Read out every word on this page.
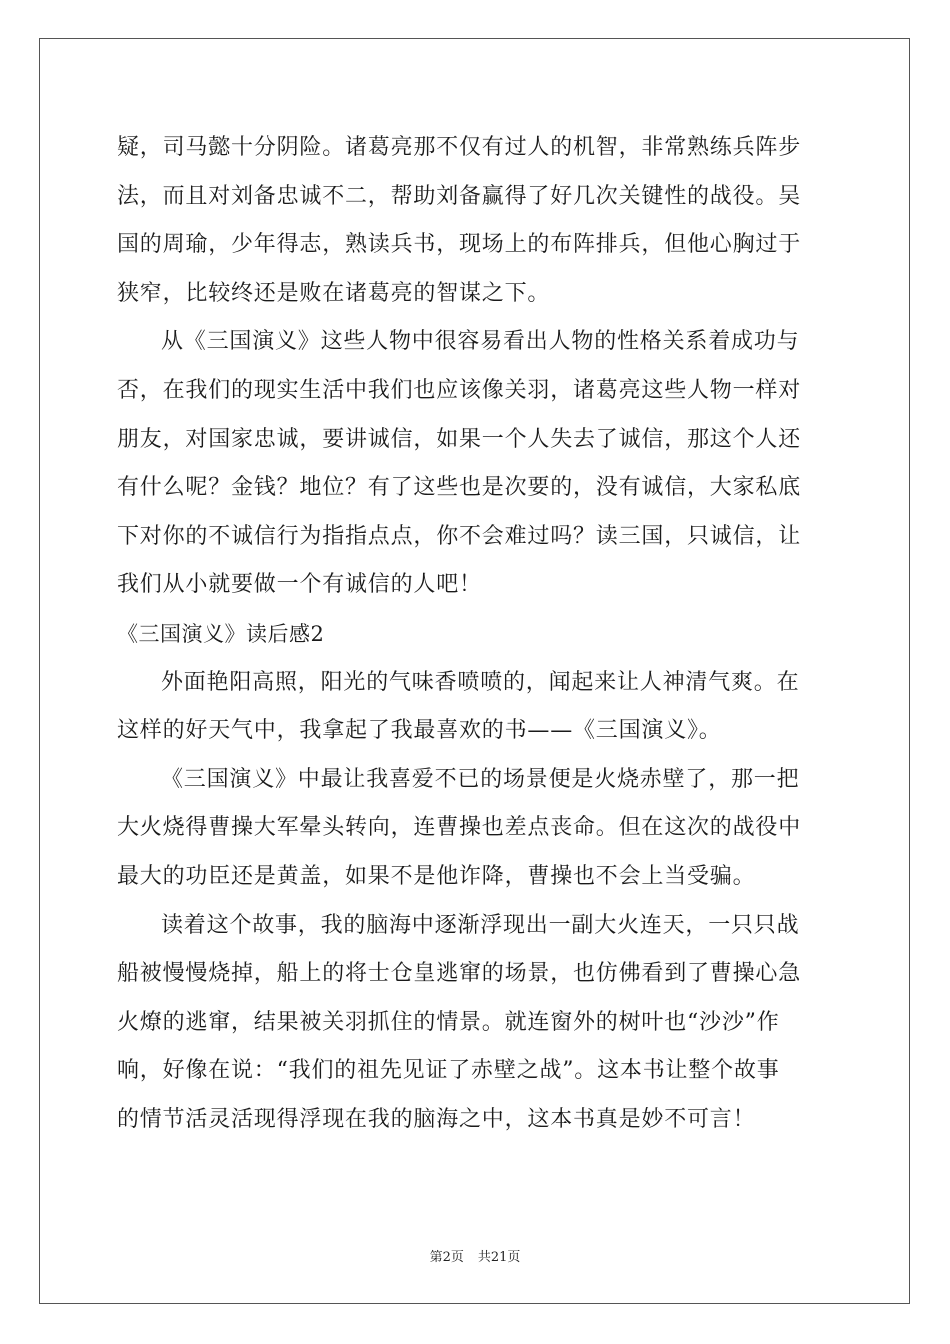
疑，司马懿十分阴险。诸葛亮那不仅有过人的机智，非常熟练兵阵步
法，而且对刘备忠诚不二，帮助刘备赢得了好几次关键性的战役。吴
国的周瑜，少年得志，熟读兵书，现场上的布阵排兵，但他心胸过于
狭窄，比较终还是败在诸葛亮的智谋之下。
从《三国演义》这些人物中很容易看出人物的性格关系着成功与
否，在我们的现实生活中我们也应该像关羽，诸葛亮这些人物一样对
朋友，对国家忠诚，要讲诚信，如果一个人失去了诚信，那这个人还
有什么呢？金钱？地位？有了这些也是次要的，没有诚信，大家私底
下对你的不诚信行为指指点点，你不会难过吗？读三国，只诚信，让
我们从小就要做一个有诚信的人吧！
《三国演义》读后感2
外面艳阳高照，阳光的气味香喷喷的，闻起来让人神清气爽。在
这样的好天气中，我拿起了我最喜欢的书——《三国演义》。
《三国演义》中最让我喜爱不已的场景便是火烧赤壁了，那一把
大火烧得曹操大军晕头转向，连曹操也差点丧命。但在这次的战役中
最大的功臣还是黄盖，如果不是他诈降，曹操也不会上当受骗。
读着这个故事，我的脑海中逐渐浮现出一副大火连天，一只只战
船被慢慢烧掉，船上的将士仓皇逃窜的场景，也仿佛看到了曹操心急
火燎的逃窜，结果被关羽抓住的情景。就连窗外的树叶也“沙沙”作
响，好像在说：“我们的祖先见证了赤壁之战”。这本书让整个故事
的情节活灵活现得浮现在我的脑海之中，这本书真是妙不可言！
第2页 共21页
